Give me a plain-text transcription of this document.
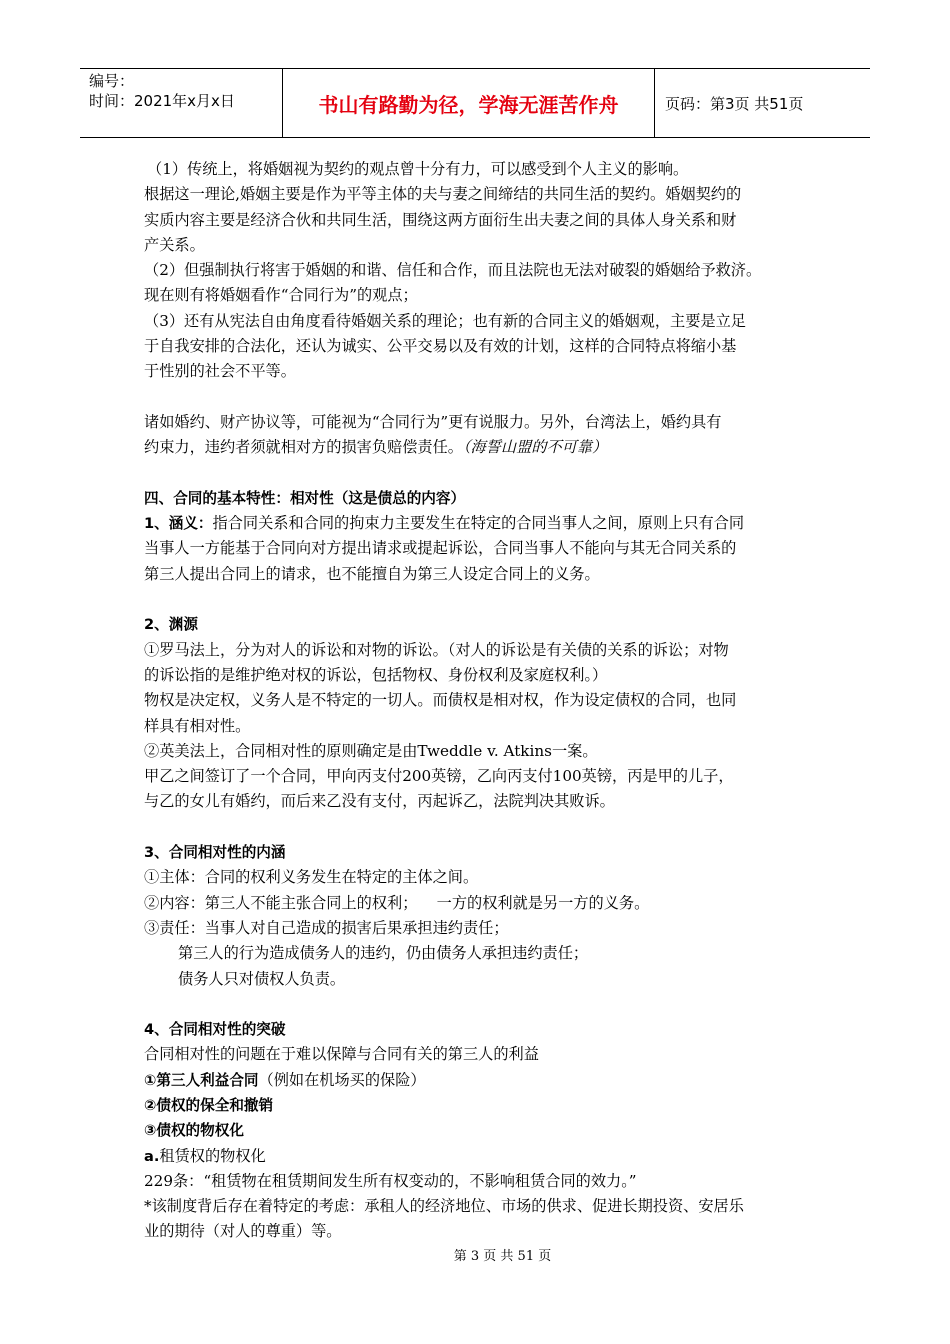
编号：
时间：2021年x月x日	书山有路勤为径，学海无涯苦作舟	页码：第3页 共51页

（1）传统上，将婚姻视为契约的观点曾十分有力，可以感受到个人主义的影响。

根据这一理论,婚姻主要是作为平等主体的夫与妻之间缔结的共同生活的契约。婚姻契约的

实质内容主要是经济合伙和共同生活，围绕这两方面衍生出夫妻之间的具体人身关系和财

产关系。

（2）但强制执行将害于婚姻的和谐、信任和合作，而且法院也无法对破裂的婚姻给予救济。

现在则有将婚姻看作“合同行为”的观点；

（3）还有从宪法自由角度看待婚姻关系的理论；也有新的合同主义的婚姻观，主要是立足

于自我安排的合法化，还认为诚实、公平交易以及有效的计划，这样的合同特点将缩小基

于性别的社会不平等。

诸如婚约、财产协议等，可能视为“合同行为”更有说服力。另外，台湾法上，婚约具有

约束力，违约者须就相对方的损害负赔偿责任。（海誓山盟的不可靠）

四、合同的基本特性：相对性（这是债总的内容）

1、涵义：指合同关系和合同的拘束力主要发生在特定的合同当事人之间，原则上只有合同

当事人一方能基于合同向对方提出请求或提起诉讼，合同当事人不能向与其无合同关系的

第三人提出合同上的请求，也不能擅自为第三人设定合同上的义务。

2、渊源

①罗马法上，分为对人的诉讼和对物的诉讼。（对人的诉讼是有关债的关系的诉讼；对物

的诉讼指的是维护绝对权的诉讼，包括物权、身份权利及家庭权利。）

物权是决定权，义务人是不特定的一切人。而债权是相对权，作为设定债权的合同，也同

样具有相对性。

②英美法上，合同相对性的原则确定是由Tweddle v. Atkins一案。

甲乙之间签订了一个合同，甲向丙支付200英镑，乙向丙支付100英镑，丙是甲的儿子，

与乙的女儿有婚约，而后来乙没有支付，丙起诉乙，法院判决其败诉。

3、合同相对性的内涵

①主体：合同的权利义务发生在特定的主体之间。

②内容：第三人不能主张合同上的权利；    一方的权利就是另一方的义务。

③责任：当事人对自己造成的损害后果承担违约责任；

第三人的行为造成债务人的违约，仍由债务人承担违约责任；

债务人只对债权人负责。

4、合同相对性的突破

合同相对性的问题在于难以保障与合同有关的第三人的利益

①第三人利益合同（例如在机场买的保险）

②债权的保全和撤销

③债权的物权化

a.租赁权的物权化

229条：“租赁物在租赁期间发生所有权变动的，不影响租赁合同的效力。”

*该制度背后存在着特定的考虑：承租人的经济地位、市场的供求、促进长期投资、安居乐

业的期待（对人的尊重）等。

第 3 页 共 51 页
